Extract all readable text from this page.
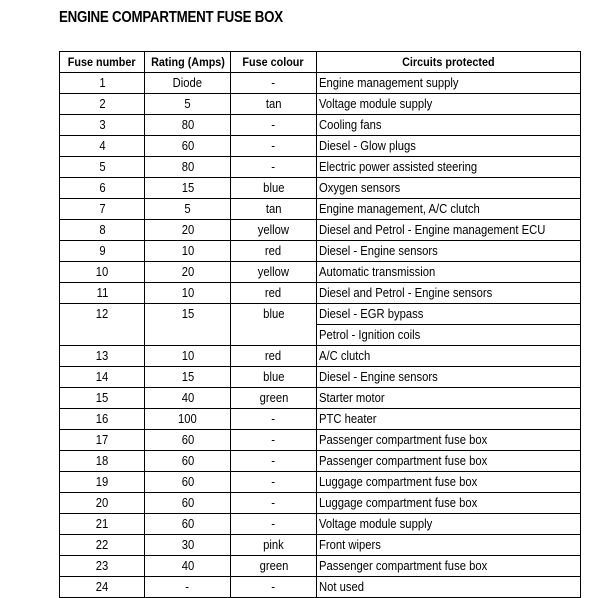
ENGINE COMPARTMENT FUSE BOX
Fuse number	Rating (Amps)	Fuse colour	Circuits protected
1	Diode	-	Engine management supply
2	5	tan	Voltage module supply
3	80	-	Cooling fans
4	60	-	Diesel - Glow plugs
5	80	-	Electric power assisted steering
6	15	blue	Oxygen sensors
7	5	tan	Engine management, A/C clutch
8	20	yellow	Diesel and Petrol - Engine management ECU
9	10	red	Diesel - Engine sensors
10	20	yellow	Automatic transmission
11	10	red	Diesel and Petrol - Engine sensors
12	15	blue	Diesel - EGR bypass
			Petrol - Ignition coils
13	10	red	A/C clutch
14	15	blue	Diesel - Engine sensors
15	40	green	Starter motor
16	100	-	PTC heater
17	60	-	Passenger compartment fuse box
18	60	-	Passenger compartment fuse box
19	60	-	Luggage compartment fuse box
20	60	-	Luggage compartment fuse box
21	60	-	Voltage module supply
22	30	pink	Front wipers
23	40	green	Passenger compartment fuse box
24	-	-	Not used
